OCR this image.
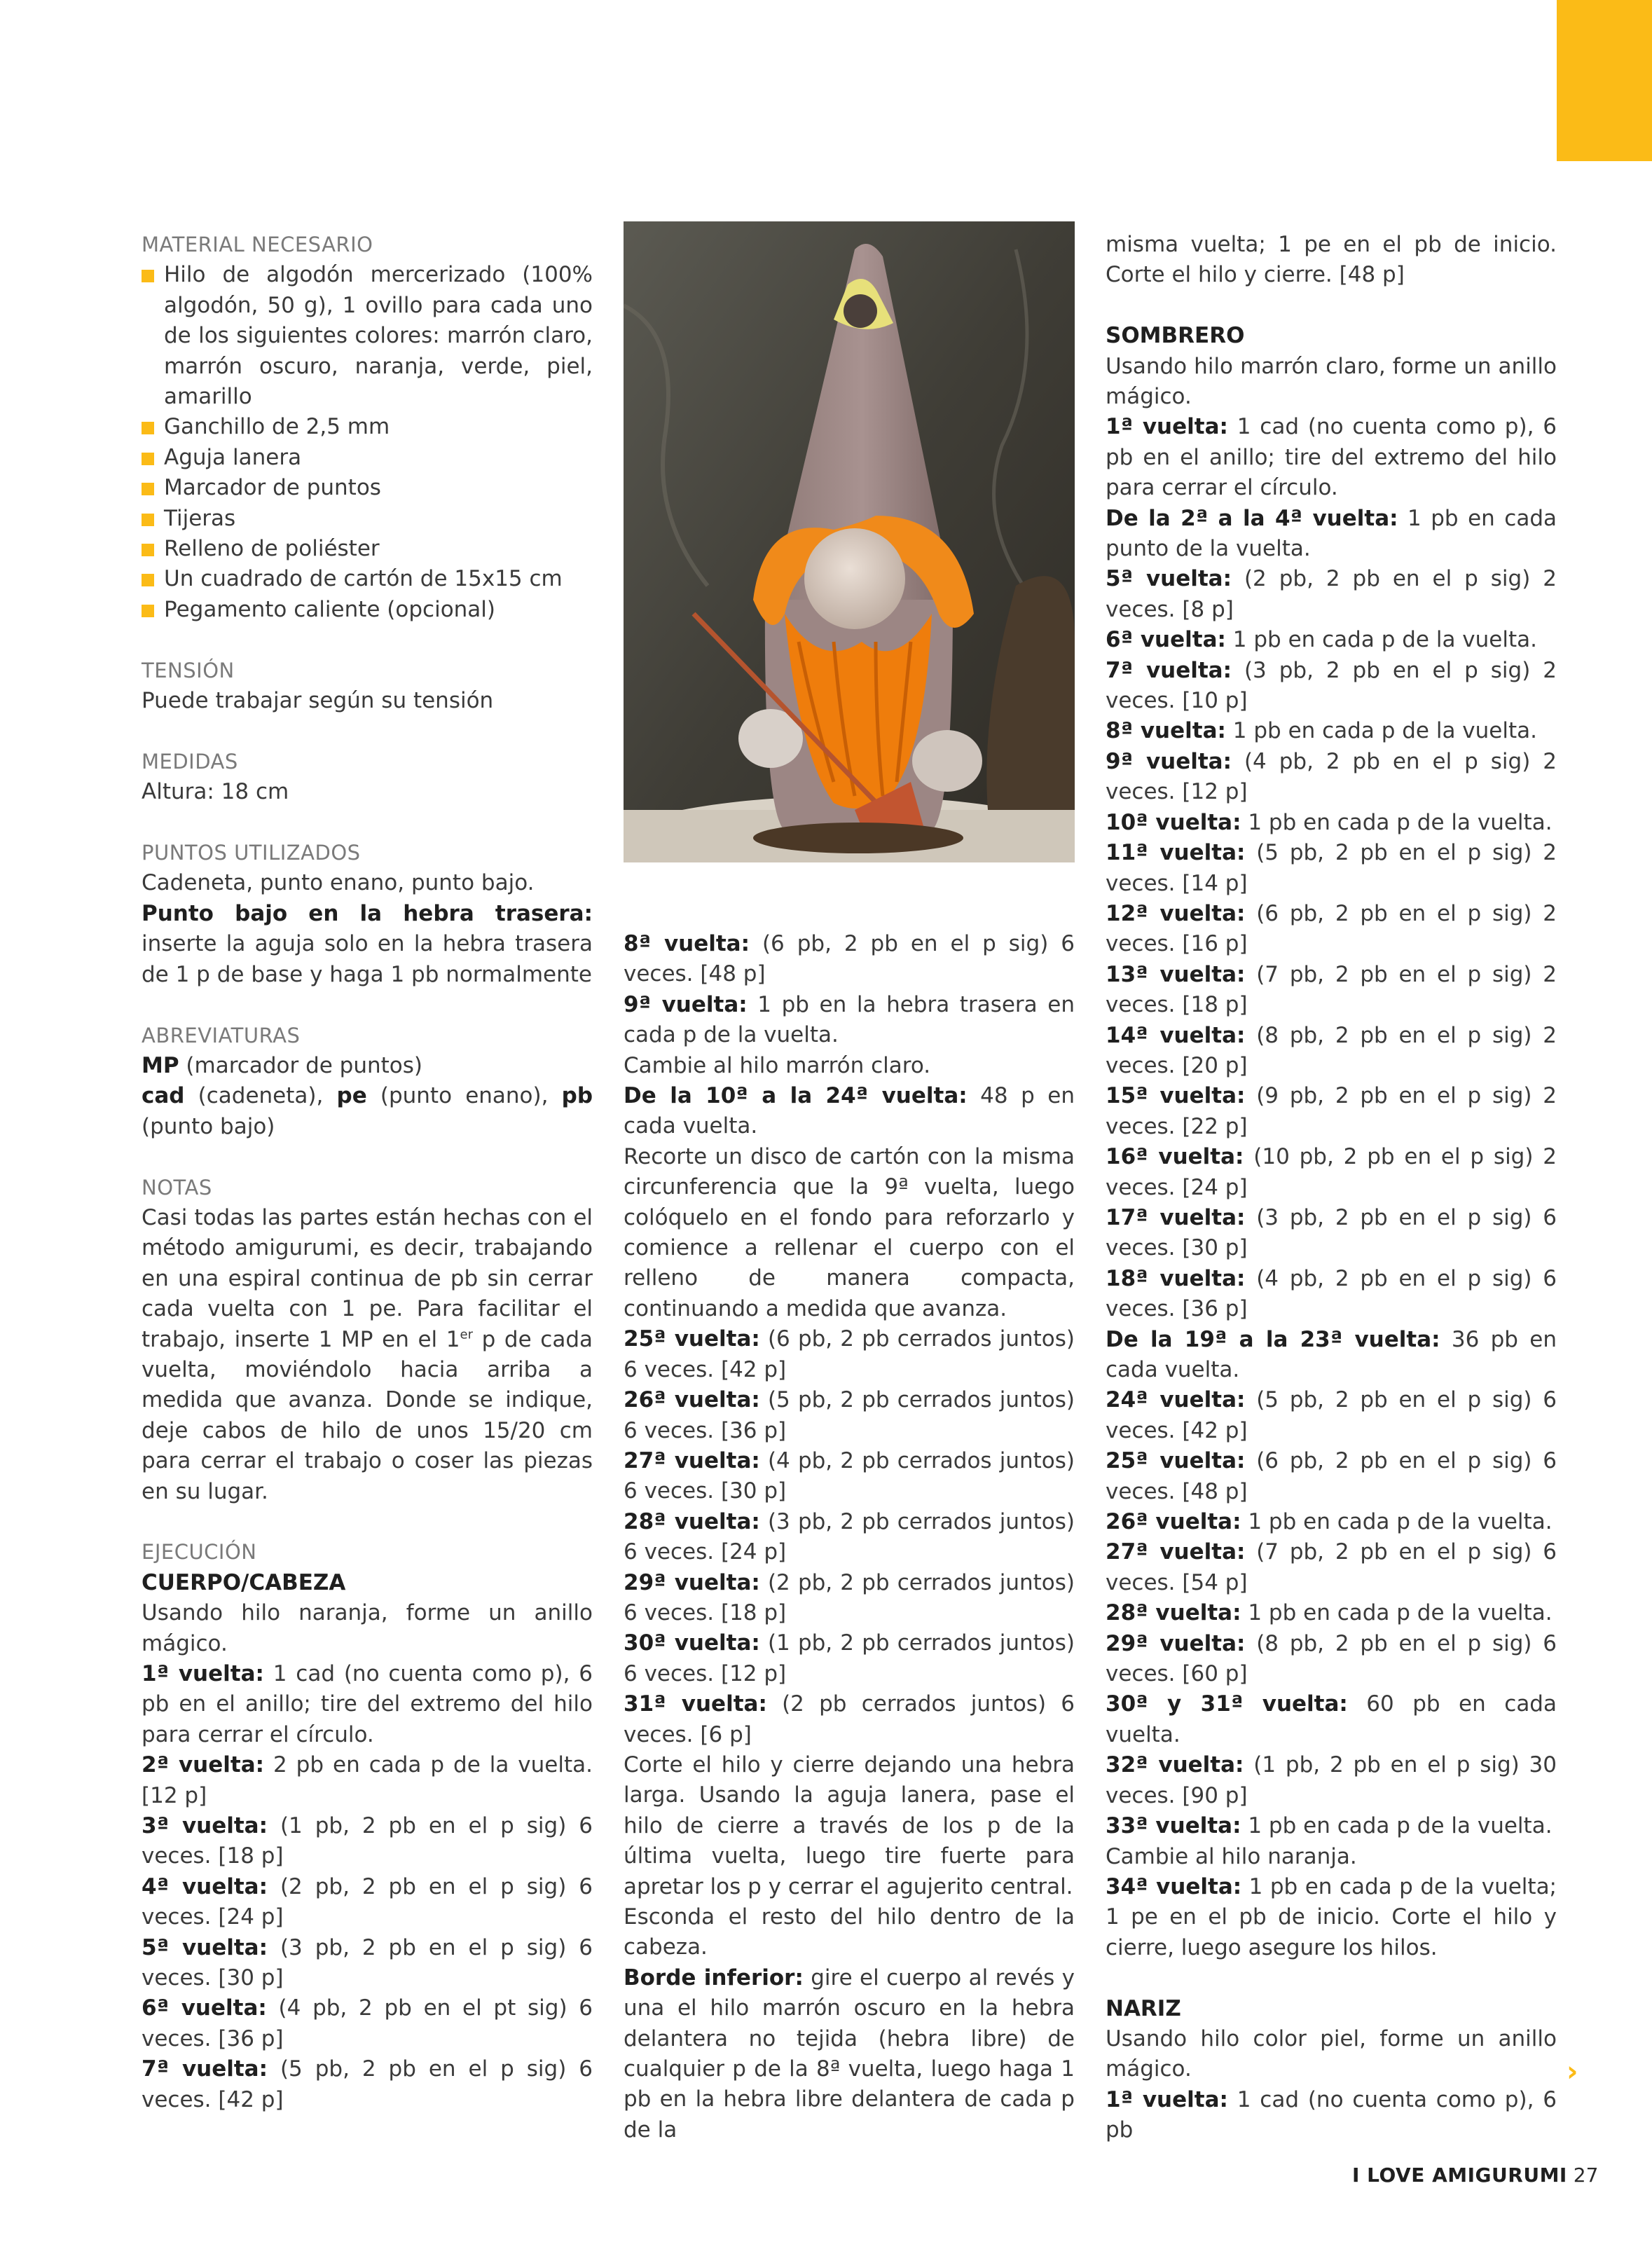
MATERIAL NECESARIO
Hilo de algodón mercerizado (100% algodón, 50 g), 1 ovillo para cada uno de los siguientes colores: marrón claro, marrón oscuro, naranja, verde, piel, amarillo
Ganchillo de 2,5 mm
Aguja lanera
Marcador de puntos
Tijeras
Relleno de poliéster
Un cuadrado de cartón de 15x15 cm
Pegamento caliente (opcional)
TENSIÓN
Puede trabajar según su tensión
MEDIDAS
Altura: 18 cm
PUNTOS UTILIZADOS
Cadeneta, punto enano, punto bajo.
Punto bajo en la hebra trasera: inserte la aguja solo en la hebra trasera de 1 p de base y haga 1 pb normalmente
ABREVIATURAS
MP (marcador de puntos)
cad (cadeneta), pe (punto enano), pb (punto bajo)
NOTAS
Casi todas las partes están hechas con el método amigurumi, es decir, trabajando en una espiral continua de pb sin cerrar cada vuelta con 1 pe. Para facilitar el trabajo, inserte 1 MP en el 1er p de cada vuelta, moviéndolo hacia arriba a medida que avanza. Donde se indique, deje cabos de hilo de unos 15/20 cm para cerrar el trabajo o coser las piezas en su lugar.
EJECUCIÓN
CUERPO/CABEZA
Usando hilo naranja, forme un anillo mágico.
1ª vuelta: 1 cad (no cuenta como p), 6 pb en el anillo; tire del extremo del hilo para cerrar el círculo.
2ª vuelta: 2 pb en cada p de la vuelta. [12 p]
3ª vuelta: (1 pb, 2 pb en el p sig) 6 veces. [18 p]
4ª vuelta: (2 pb, 2 pb en el p sig) 6 veces. [24 p]
5ª vuelta: (3 pb, 2 pb en el p sig) 6 veces. [30 p]
6ª vuelta: (4 pb, 2 pb en el pt sig) 6 veces. [36 p]
7ª vuelta: (5 pb, 2 pb en el p sig) 6 veces. [42 p]
8ª vuelta: (6 pb, 2 pb en el p sig) 6 veces. [48 p]
9ª vuelta: 1 pb en la hebra trasera en cada p de la vuelta.
Cambie al hilo marrón claro.
De la 10ª a la 24ª vuelta: 48 p en cada vuelta.
Recorte un disco de cartón con la misma circunferencia que la 9ª vuelta, luego colóquelo en el fondo para reforzarlo y comience a rellenar el cuerpo con el relleno de manera compacta, continuando a medida que avanza.
25ª vuelta: (6 pb, 2 pb cerrados juntos) 6 veces. [42 p]
26ª vuelta: (5 pb, 2 pb cerrados juntos) 6 veces. [36 p]
27ª vuelta: (4 pb, 2 pb cerrados juntos) 6 veces. [30 p]
28ª vuelta: (3 pb, 2 pb cerrados juntos) 6 veces. [24 p]
29ª vuelta: (2 pb, 2 pb cerrados juntos) 6 veces. [18 p]
30ª vuelta: (1 pb, 2 pb cerrados juntos) 6 veces. [12 p]
31ª vuelta: (2 pb cerrados juntos) 6 veces. [6 p]
Corte el hilo y cierre dejando una hebra larga. Usando la aguja lanera, pase el hilo de cierre a través de los p de la última vuelta, luego tire fuerte para apretar los p y cerrar el agujerito central.
Esconda el resto del hilo dentro de la cabeza.
Borde inferior: gire el cuerpo al revés y una el hilo marrón oscuro en la hebra delantera no tejida (hebra libre) de cualquier p de la 8ª vuelta, luego haga 1 pb en la hebra libre delantera de cada p de la
misma vuelta; 1 pe en el pb de inicio. Corte el hilo y cierre. [48 p]
SOMBRERO
Usando hilo marrón claro, forme un anillo mágico.
1ª vuelta: 1 cad (no cuenta como p), 6 pb en el anillo; tire del extremo del hilo para cerrar el círculo.
De la 2ª a la 4ª vuelta: 1 pb en cada punto de la vuelta.
5ª vuelta: (2 pb, 2 pb en el p sig) 2 veces. [8 p]
6ª vuelta: 1 pb en cada p de la vuelta.
7ª vuelta: (3 pb, 2 pb en el p sig) 2 veces. [10 p]
8ª vuelta: 1 pb en cada p de la vuelta.
9ª vuelta: (4 pb, 2 pb en el p sig) 2 veces. [12 p]
10ª vuelta: 1 pb en cada p de la vuelta.
11ª vuelta: (5 pb, 2 pb en el p sig) 2 veces. [14 p]
12ª vuelta: (6 pb, 2 pb en el p sig) 2 veces. [16 p]
13ª vuelta: (7 pb, 2 pb en el p sig) 2 veces. [18 p]
14ª vuelta: (8 pb, 2 pb en el p sig) 2 veces. [20 p]
15ª vuelta: (9 pb, 2 pb en el p sig) 2 veces. [22 p]
16ª vuelta: (10 pb, 2 pb en el p sig) 2 veces. [24 p]
17ª vuelta: (3 pb, 2 pb en el p sig) 6 veces. [30 p]
18ª vuelta: (4 pb, 2 pb en el p sig) 6 veces. [36 p]
De la 19ª a la 23ª vuelta: 36 pb en cada vuelta.
24ª vuelta: (5 pb, 2 pb en el p sig) 6 veces. [42 p]
25ª vuelta: (6 pb, 2 pb en el p sig) 6 veces. [48 p]
26ª vuelta: 1 pb en cada p de la vuelta.
27ª vuelta: (7 pb, 2 pb en el p sig) 6 veces. [54 p]
28ª vuelta: 1 pb en cada p de la vuelta.
29ª vuelta: (8 pb, 2 pb en el p sig) 6 veces. [60 p]
30ª y 31ª vuelta: 60 pb en cada vuelta.
32ª vuelta: (1 pb, 2 pb en el p sig) 30 veces. [90 p]
33ª vuelta: 1 pb en cada p de la vuelta.
Cambie al hilo naranja.
34ª vuelta: 1 pb en cada p de la vuelta; 1 pe en el pb de inicio. Corte el hilo y cierre, luego asegure los hilos.
NARIZ
Usando hilo color piel, forme un anillo mágico.
1ª vuelta: 1 cad (no cuenta como p), 6 pb
›
I LOVE AMIGURUMI 27
